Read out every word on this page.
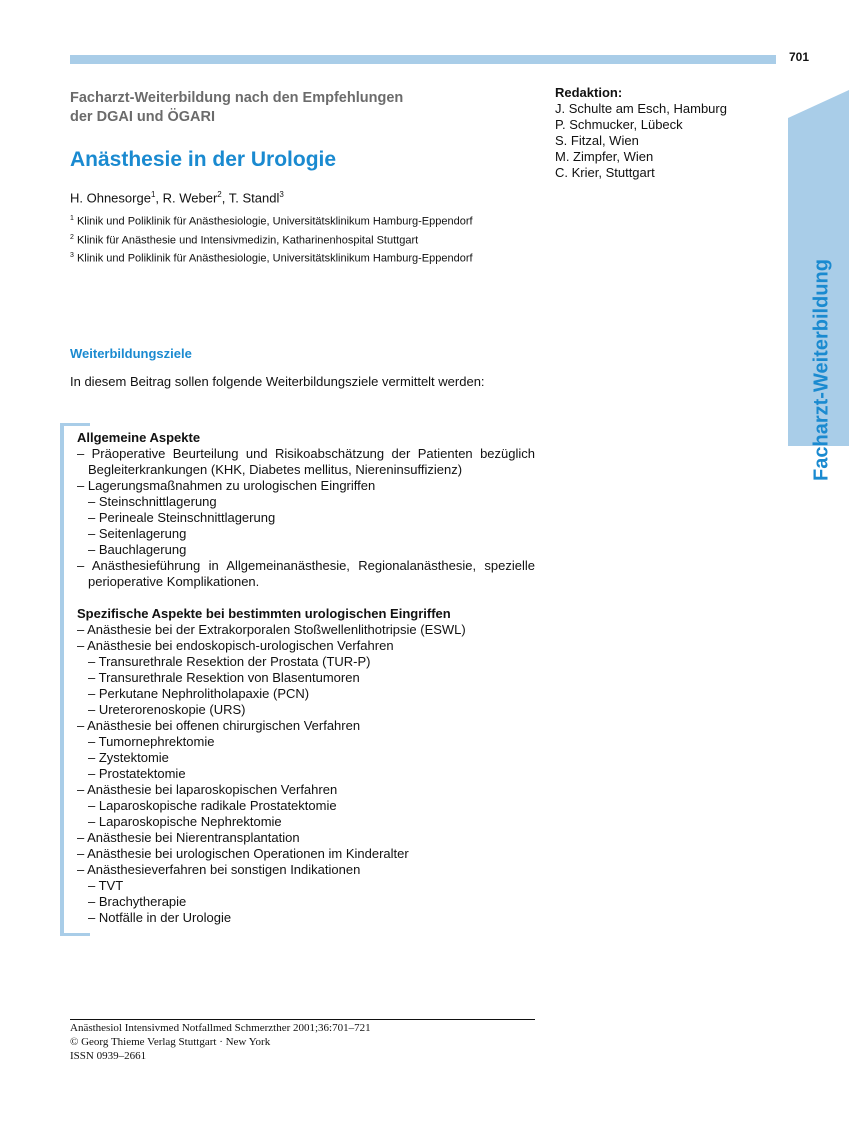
701
Facharzt-Weiterbildung
Facharzt-Weiterbildung nach den Empfehlungen
der DGAI und ÖGARI
Anästhesie in der Urologie
H. Ohnesorge$^1$, R. Weber$^2$, T. Standl$^3$
$^1$ Klinik und Poliklinik für Anästhesiologie, Universitätsklinikum Hamburg-Eppendorf
$^2$ Klinik für Anästhesie und Intensivmedizin, Katharinenhospital Stuttgart
$^3$ Klinik und Poliklinik für Anästhesiologie, Universitätsklinikum Hamburg-Eppendorf
Redaktion:
J. Schulte am Esch, Hamburg
P. Schmucker, Lübeck
S. Fitzal, Wien
M. Zimpfer, Wien
C. Krier, Stuttgart
Weiterbildungsziele
In diesem Beitrag sollen folgende Weiterbildungsziele vermittelt werden:
Allgemeine Aspekte
– Präoperative Beurteilung und Risikoabschätzung der Patienten bezüglich Begleiterkrankungen (KHK, Diabetes mellitus, Niereninsuffizienz)
– Lagerungsmaßnahmen zu urologischen Eingriffen
– Steinschnittlagerung
– Perineale Steinschnittlagerung
– Seitenlagerung
– Bauchlagerung
– Anästhesieführung in Allgemeinanästhesie, Regionalanästhesie, spezielle perioperative Komplikationen.
Spezifische Aspekte bei bestimmten urologischen Eingriffen
– Anästhesie bei der Extrakorporalen Stoßwellenlithotripsie (ESWL)
– Anästhesie bei endoskopisch-urologischen Verfahren
– Transurethrale Resektion der Prostata (TUR-P)
– Transurethrale Resektion von Blasentumoren
– Perkutane Nephrolitholapaxie (PCN)
– Ureterorenoskopie (URS)
– Anästhesie bei offenen chirurgischen Verfahren
– Tumornephrektomie
– Zystektomie
– Prostatektomie
– Anästhesie bei laparoskopischen Verfahren
– Laparoskopische radikale Prostatektomie
– Laparoskopische Nephrektomie
– Anästhesie bei Nierentransplantation
– Anästhesie bei urologischen Operationen im Kinderalter
– Anästhesieverfahren bei sonstigen Indikationen
– TVT
– Brachytherapie
– Notfälle in der Urologie
Anästhesiol Intensivmed Notfallmed Schmerzther 2001;36:701–721
© Georg Thieme Verlag Stuttgart · New York
ISSN 0939–2661
